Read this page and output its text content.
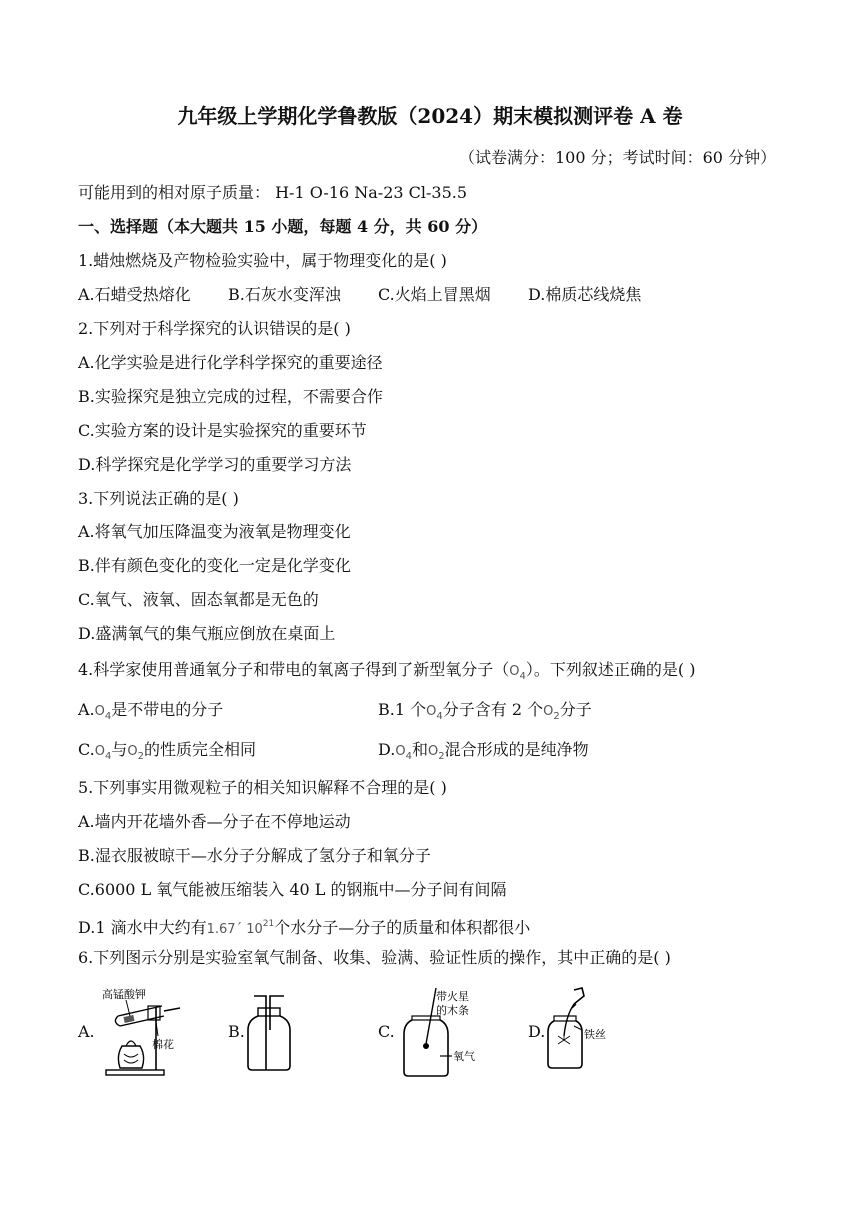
九年级上学期化学鲁教版（2024）期末模拟测评卷 A 卷
（试卷满分：100 分；考试时间：60 分钟）
可能用到的相对原子质量： H-1 O-16 Na-23 Cl-35.5
一、选择题（本大题共 15 小题，每题 4 分，共 60 分）
1.蜡烛燃烧及产物检验实验中，属于物理变化的是( )
A.石蜡受热熔化 B.石灰水变浑浊 C.火焰上冒黑烟 D.棉质芯线烧焦
2.下列对于科学探究的认识错误的是( )
A.化学实验是进行化学科学探究的重要途径
B.实验探究是独立完成的过程，不需要合作
C.实验方案的设计是实验探究的重要环节
D.科学探究是化学学习的重要学习方法
3.下列说法正确的是( )
A.将氧气加压降温变为液氧是物理变化
B.伴有颜色变化的变化一定是化学变化
C.氧气、液氧、固态氧都是无色的
D.盛满氧气的集气瓶应倒放在桌面上
4.科学家使用普通氧分子和带电的氧离子得到了新型氧分子$(O_4)$。下列叙述正确的是( )
$A.O_4$是不带电的分子	B.1 个$O_4$分子含有 2 个$O_2$分子
$C.O_4$与$O_2$的性质完全相同	$D.O_4$和$O_2$混合形成的是纯净物
5.下列事实用微观粒子的相关知识解释不合理的是( )
A.墙内开花墙外香—分子在不停地运动
B.湿衣服被晾干—水分子分解成了氢分子和氧分子
C.6000 L 氧气能被压缩装入 40 L 的钢瓶中—分子间有间隔
D.1 滴水中大约有1.67´ $10^{21}$个水分子—分子的质量和体积都很小
6.下列图示分别是实验室氧气制备、收集、验满、验证性质的操作，其中正确的是( )
A.	B.	C.	D.
高锰酸钾
棉花
带火星
的木条
氧气
铁丝
